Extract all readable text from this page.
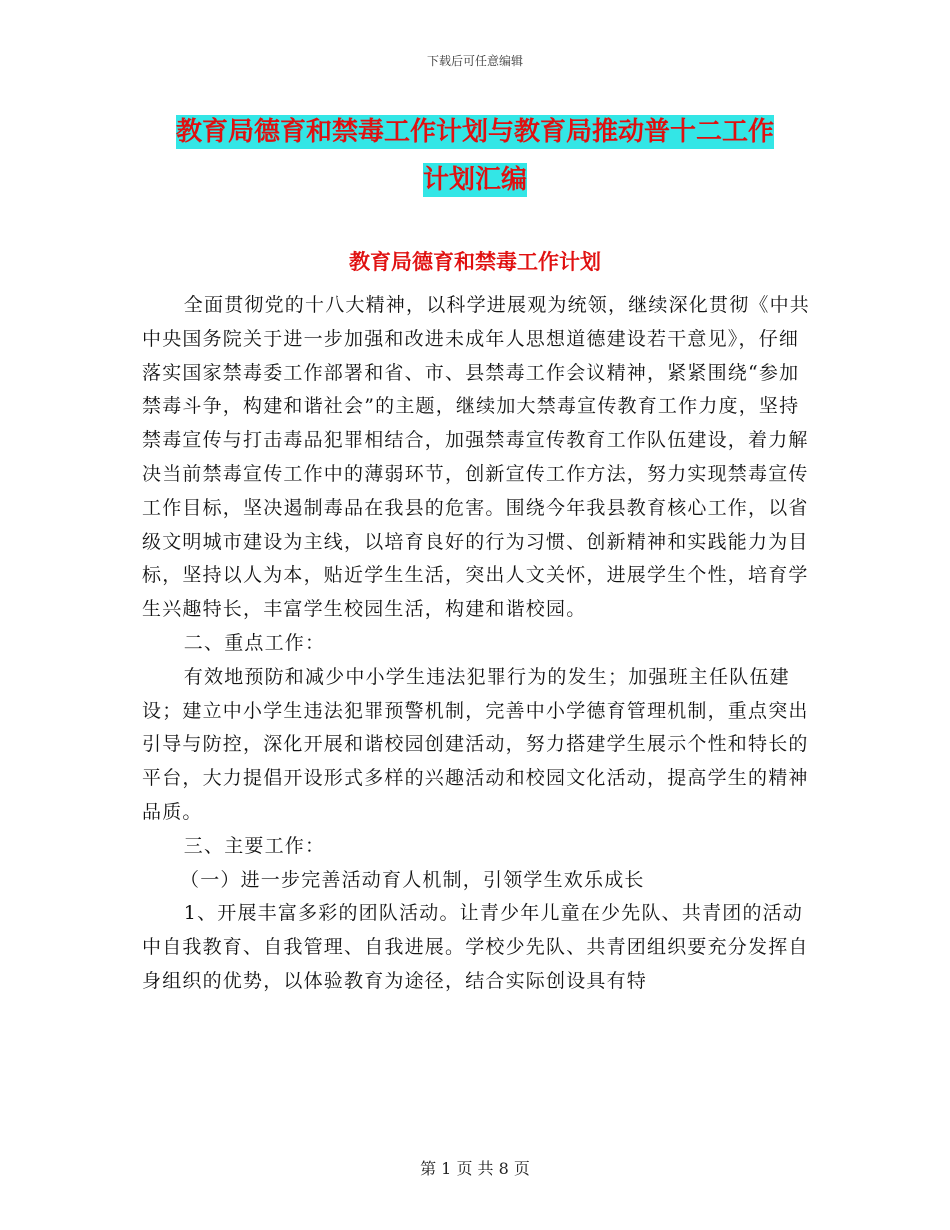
下载后可任意编辑
教育局德育和禁毒工作计划与教育局推动普十二工作
计划汇编
教育局德育和禁毒工作计划

全面贯彻党的十八大精神，以科学进展观为统领，继续深化贯彻《中共中央国务院关于进一步加强和改进未成年人思想道德建设若干意见》，仔细落实国家禁毒委工作部署和省、市、县禁毒工作会议精神，紧紧围绕“参加禁毒斗争，构建和谐社会”的主题，继续加大禁毒宣传教育工作力度，坚持禁毒宣传与打击毒品犯罪相结合，加强禁毒宣传教育工作队伍建设，着力解决当前禁毒宣传工作中的薄弱环节，创新宣传工作方法，努力实现禁毒宣传工作目标，坚决遏制毒品在我县的危害。围绕今年我县教育核心工作，以省级文明城市建设为主线，以培育良好的行为习惯、创新精神和实践能力为目标，坚持以人为本，贴近学生生活，突出人文关怀，进展学生个性，培育学生兴趣特长，丰富学生校园生活，构建和谐校园。

二、重点工作：

有效地预防和减少中小学生违法犯罪行为的发生；加强班主任队伍建设；建立中小学生违法犯罪预警机制，完善中小学德育管理机制，重点突出引导与防控，深化开展和谐校园创建活动，努力搭建学生展示个性和特长的平台，大力提倡开设形式多样的兴趣活动和校园文化活动，提高学生的精神品质。

三、主要工作：

（一）进一步完善活动育人机制，引领学生欢乐成长

1、开展丰富多彩的团队活动。让青少年儿童在少先队、共青团的活动中自我教育、自我管理、自我进展。学校少先队、共青团组织要充分发挥自身组织的优势，以体验教育为途径，结合实际创设具有特

第 1 页 共 8 页
